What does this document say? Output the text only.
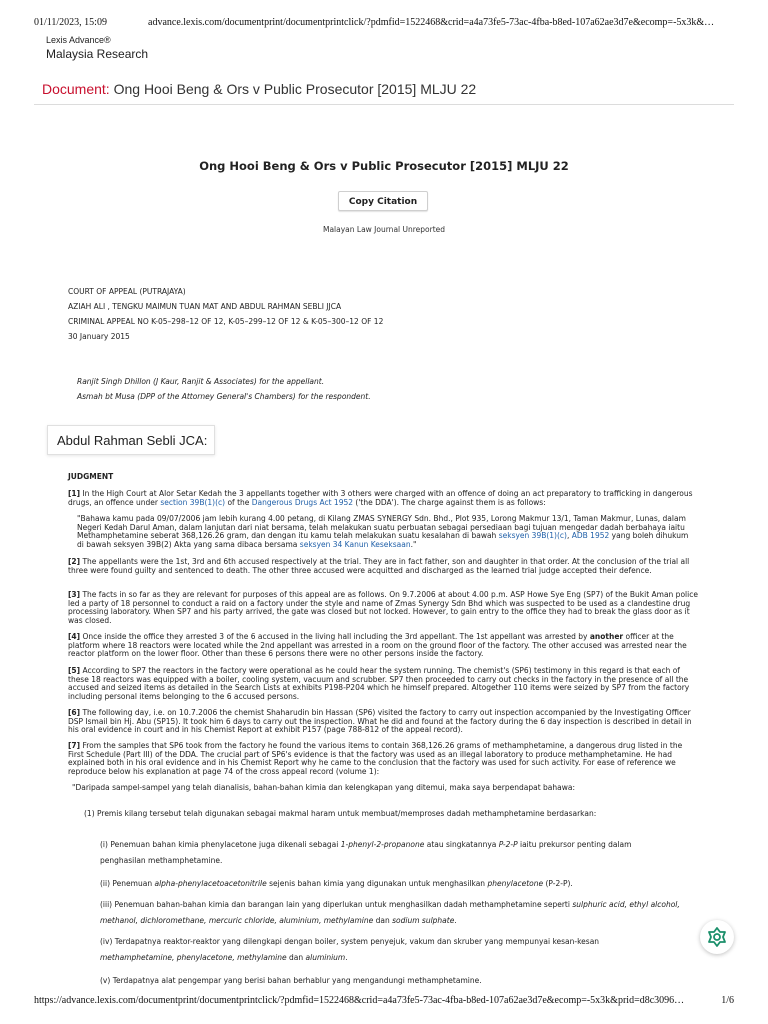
01/11/2023, 15:09	advance.lexis.com/documentprint/documentprintclick/?pdmfid=1522468&crid=a4a73fe5-73ac-4fba-b8ed-107a62ae3d7e&ecomp=-5x3k&…
Lexis Advance®
Malaysia Research
Document: Ong Hooi Beng & Ors v Public Prosecutor [2015] MLJU 22
Ong Hooi Beng & Ors v Public Prosecutor [2015] MLJU 22
Copy Citation
Malayan Law Journal Unreported
COURT OF APPEAL (PUTRAJAYA)
AZIAH ALI , TENGKU MAIMUN TUAN MAT AND ABDUL RAHMAN SEBLI JJCA
CRIMINAL APPEAL NO K-05–298–12 OF 12, K-05–299–12 OF 12 & K-05–300–12 OF 12
30 January 2015
Ranjit Singh Dhillon (J Kaur, Ranjit & Associates) for the appellant.
Asmah bt Musa (DPP of the Attorney General's Chambers) for the respondent.
Abdul Rahman Sebli JCA:
JUDGMENT

[1] In the High Court at Alor Setar Kedah the 3 appellants together with 3 others were charged with an offence of doing an act preparatory to trafficking in dangerous drugs, an offence under section 39B(1)(c) of the Dangerous Drugs Act 1952 ('the DDA'). The charge against them is as follows:

"Bahawa kamu pada 09/07/2006 jam lebih kurang 4.00 petang, di Kilang ZMAS SYNERGY Sdn. Bhd., Plot 935, Lorong Makmur 13/1, Taman Makmur, Lunas, dalam Negeri Kedah Darul Aman, dalam lanjutan dari niat bersama, telah melakukan suatu perbuatan sebagai persediaan bagi tujuan mengedar dadah berbahaya iaitu Methamphetamine seberat 368,126.26 gram, dan dengan itu kamu telah melakukan suatu kesalahan di bawah seksyen 39B(1)(c), ADB 1952 yang boleh dihukum di bawah seksyen 39B(2) Akta yang sama dibaca bersama seksyen 34 Kanun Keseksaan."

[2] The appellants were the 1st, 3rd and 6th accused respectively at the trial. They are in fact father, son and daughter in that order. At the conclusion of the trial all three were found guilty and sentenced to death. The other three accused were acquitted and discharged as the learned trial judge accepted their defence.

[3] The facts in so far as they are relevant for purposes of this appeal are as follows. On 9.7.2006 at about 4.00 p.m. ASP Howe Sye Eng (SP7) of the Bukit Aman police led a party of 18 personnel to conduct a raid on a factory under the style and name of Zmas Synergy Sdn Bhd which was suspected to be used as a clandestine drug processing laboratory. When SP7 and his party arrived, the gate was closed but not locked. However, to gain entry to the office they had to break the glass door as it was closed.

[4] Once inside the office they arrested 3 of the 6 accused in the living hall including the 3rd appellant. The 1st appellant was arrested by another officer at the platform where 18 reactors were located while the 2nd appellant was arrested in a room on the ground floor of the factory. The other accused was arrested near the reactor platform on the lower floor. Other than these 6 persons there were no other persons inside the factory.

[5] According to SP7 the reactors in the factory were operational as he could hear the system running. The chemist's (SP6) testimony in this regard is that each of these 18 reactors was equipped with a boiler, cooling system, vacuum and scrubber. SP7 then proceeded to carry out checks in the factory in the presence of all the accused and seized items as detailed in the Search Lists at exhibits P198-P204 which he himself prepared. Altogether 110 items were seized by SP7 from the factory including personal items belonging to the 6 accused persons.

[6] The following day, i.e. on 10.7.2006 the chemist Shaharudin bin Hassan (SP6) visited the factory to carry out inspection accompanied by the Investigating Officer DSP Ismail bin Hj. Abu (SP15). It took him 6 days to carry out the inspection. What he did and found at the factory during the 6 day inspection is described in detail in his oral evidence in court and in his Chemist Report at exhibit P157 (page 788-812 of the appeal record).

[7] From the samples that SP6 took from the factory he found the various items to contain 368,126.26 grams of methamphetamine, a dangerous drug listed in the First Schedule (Part III) of the DDA. The crucial part of SP6's evidence is that the factory was used as an illegal laboratory to produce methamphetamine. He had explained both in his oral evidence and in his Chemist Report why he came to the conclusion that the factory was used for such activity. For ease of reference we reproduce below his explanation at page 74 of the cross appeal record (volume 1):

"Daripada sampel-sampel yang telah dianalisis, bahan-bahan kimia dan kelengkapan yang ditemui, maka saya berpendapat bahawa:

(1) Premis kilang tersebut telah digunakan sebagai makmal haram untuk membuat/memproses dadah methamphetamine berdasarkan:

(i) Penemuan bahan kimia phenylacetone juga dikenali sebagai 1-phenyl-2-propanone atau singkatannya P-2-P iaitu prekursor penting dalam penghasilan methamphetamine.
(ii) Penemuan alpha-phenylacetoacetonitrile sejenis bahan kimia yang digunakan untuk menghasilkan phenylacetone (P-2-P).
(iii) Penemuan bahan-bahan kimia dan barangan lain yang diperlukan untuk menghasilkan dadah methamphetamine seperti sulphuric acid, ethyl alcohol, methanol, dichloromethane, mercuric chloride, aluminium, methylamine dan sodium sulphate.
(iv) Terdapatnya reaktor-reaktor yang dilengkapi dengan boiler, system penyejuk, vakum dan skruber yang mempunyai kesan-kesan methamphetamine, phenylacetone, methylamine dan aluminium.
(v) Terdapatnya alat pengempar yang berisi bahan berhablur yang mengandungi methamphetamine.
https://advance.lexis.com/documentprint/documentprintclick/?pdmfid=1522468&crid=a4a73fe5-73ac-4fba-b8ed-107a62ae3d7e&ecomp=-5x3k&prid=d8c3096…	1/6
